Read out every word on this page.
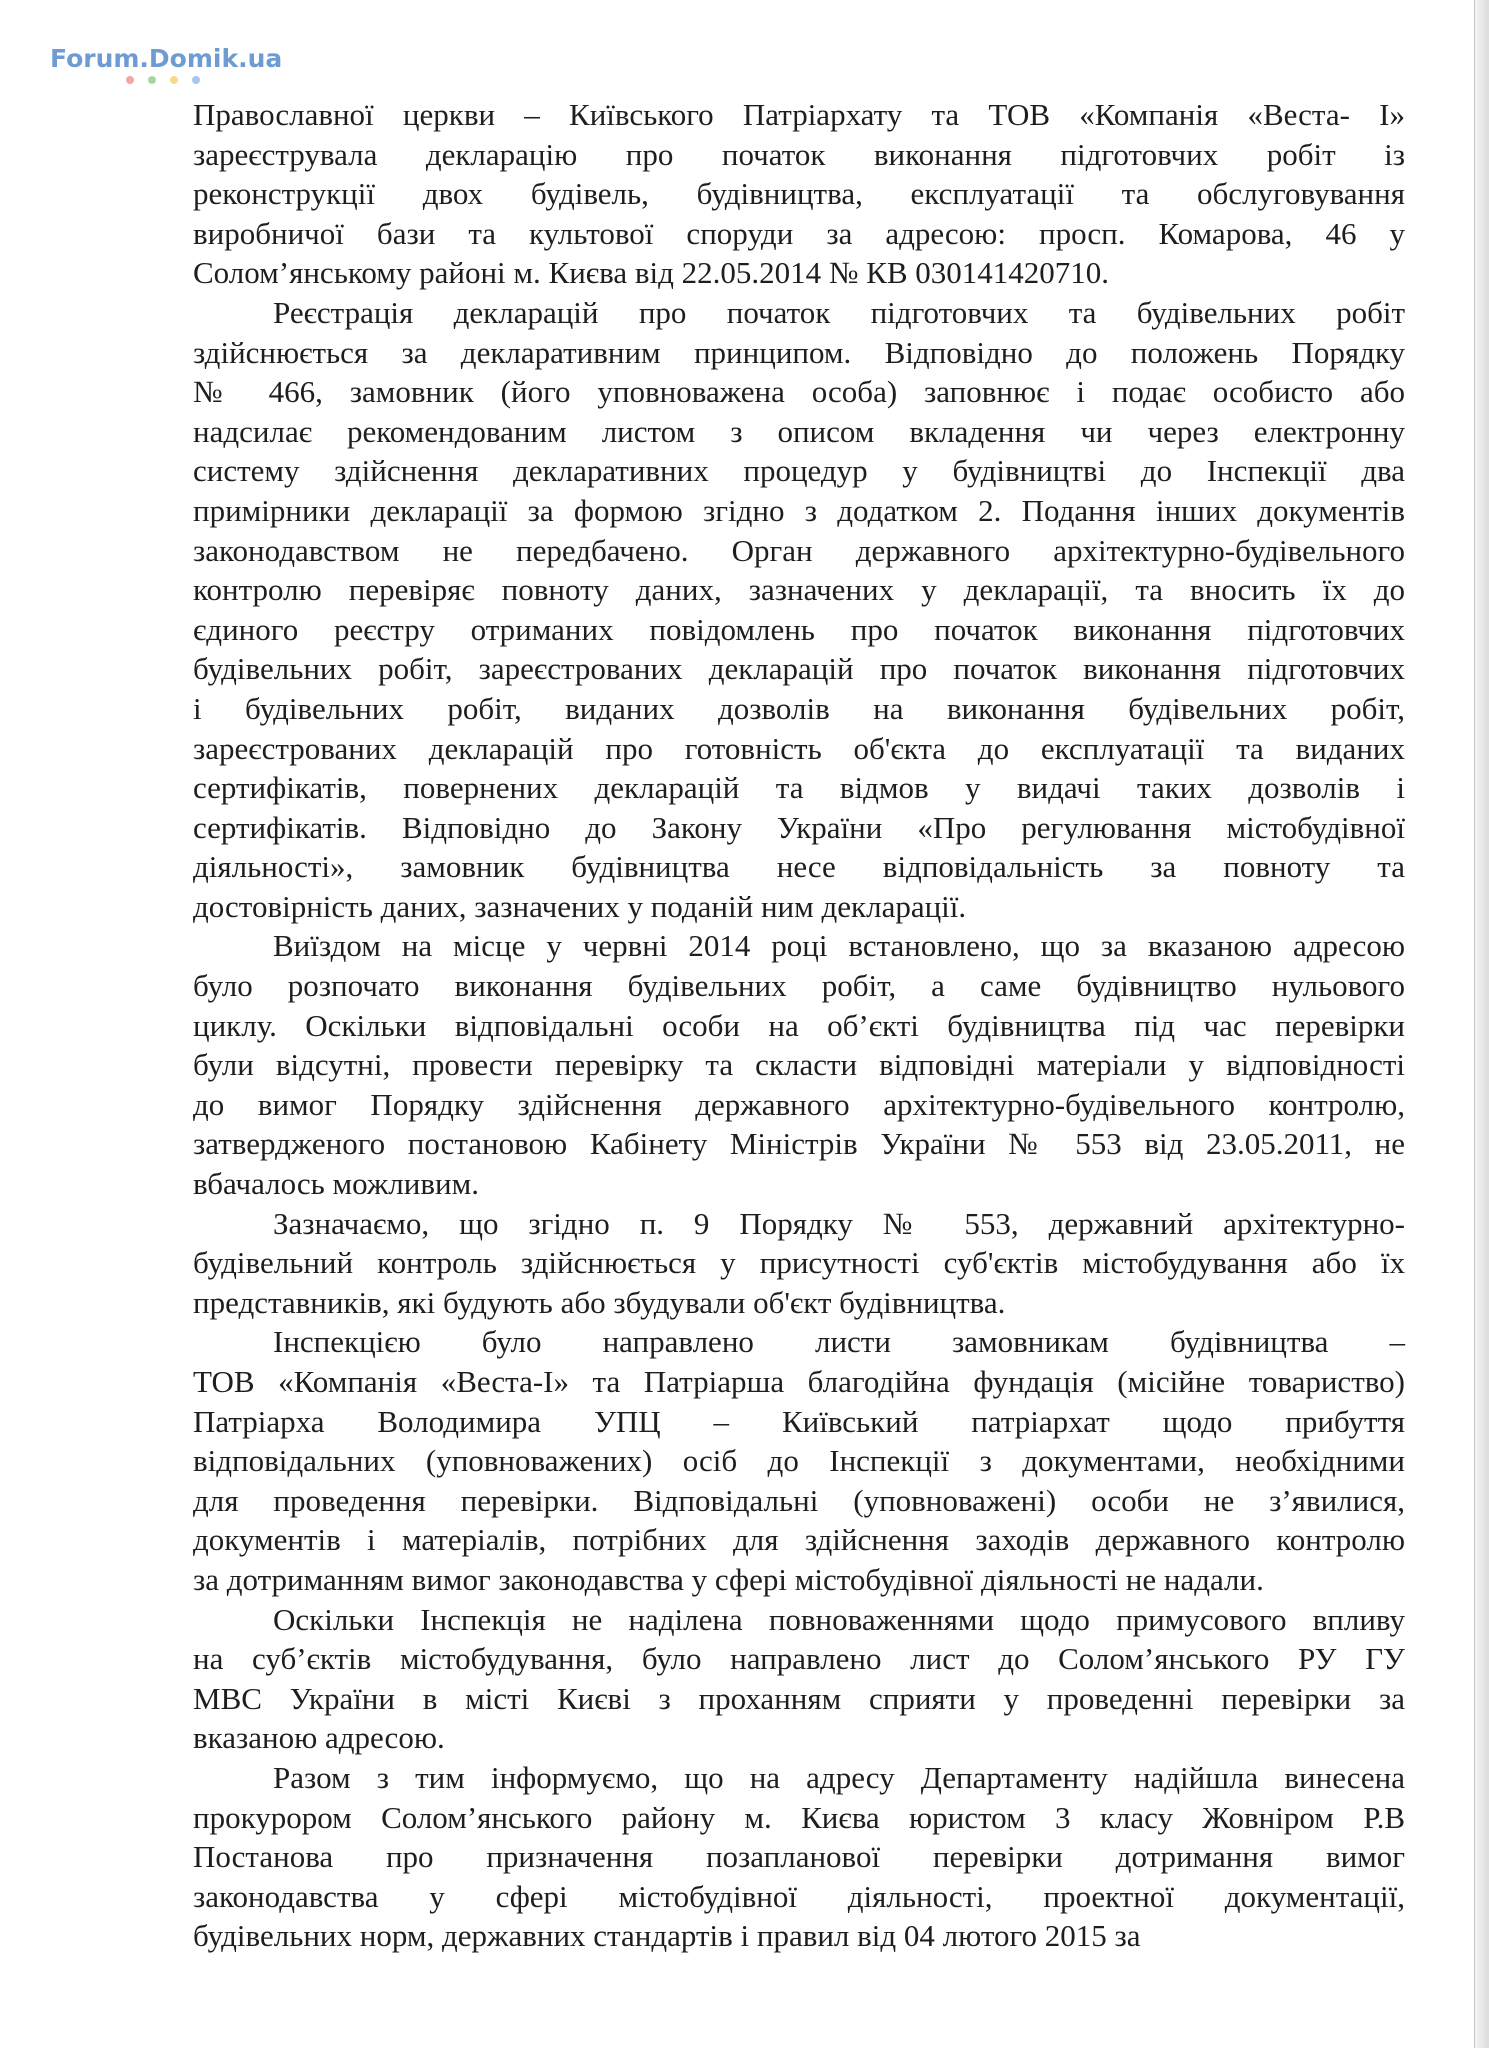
Forum.Domik.ua
Православної церкви – Київського Патріархату та ТОВ «Компанія «Веста- І»
зареєструвала декларацію про початок виконання підготовчих робіт із
реконструкції двох будівель, будівництва, експлуатації та обслуговування
виробничої бази та культової споруди за адресою: просп. Комарова, 46 у
Солом’янському районі м. Києва від 22.05.2014 № КВ 030141420710.
Реєстрація декларацій про початок підготовчих та будівельних робіт
здійснюється за декларативним принципом. Відповідно до положень Порядку
№ 466, замовник (його уповноважена особа) заповнює і подає особисто або
надсилає рекомендованим листом з описом вкладення чи через електронну
систему здійснення декларативних процедур у будівництві до Інспекції два
примірники декларації за формою згідно з додатком 2. Подання інших документів
законодавством не передбачено. Орган державного архітектурно-будівельного
контролю перевіряє повноту даних, зазначених у декларації, та вносить їх до
єдиного реєстру отриманих повідомлень про початок виконання підготовчих
будівельних робіт, зареєстрованих декларацій про початок виконання підготовчих
і будівельних робіт, виданих дозволів на виконання будівельних робіт,
зареєстрованих декларацій про готовність об'єкта до експлуатації та виданих
сертифікатів, повернених декларацій та відмов у видачі таких дозволів і
сертифікатів. Відповідно до Закону України «Про регулювання містобудівної
діяльності», замовник будівництва несе відповідальність за повноту та
достовірність даних, зазначених у поданій ним декларації.
Виїздом на місце у червні 2014 році встановлено, що за вказаною адресою
було розпочато виконання будівельних робіт, а саме будівництво нульового
циклу. Оскільки відповідальні особи на об’єкті будівництва під час перевірки
були відсутні, провести перевірку та скласти відповідні матеріали у відповідності
до вимог Порядку здійснення державного архітектурно-будівельного контролю,
затвердженого постановою Кабінету Міністрів України № 553 від 23.05.2011, не
вбачалось можливим.
Зазначаємо, що згідно п. 9 Порядку № 553, державний архітектурно-
будівельний контроль здійснюється у присутності суб'єктів містобудування або їх
представників, які будують або збудували об'єкт будівництва.
Інспекцією було направлено листи замовникам будівництва –
ТОВ «Компанія «Веста-І» та Патріарша благодійна фундація (місійне товариство)
Патріарха Володимира УПЦ – Київський патріархат щодо прибуття
відповідальних (уповноважених) осіб до Інспекції з документами, необхідними
для проведення перевірки. Відповідальні (уповноважені) особи не з’явилися,
документів і матеріалів, потрібних для здійснення заходів державного контролю
за дотриманням вимог законодавства у сфері містобудівної діяльності не надали.
Оскільки Інспекція не наділена повноваженнями щодо примусового впливу
на суб’єктів містобудування, було направлено лист до Солом’янського РУ ГУ
МВС України в місті Києві з проханням сприяти у проведенні перевірки за
вказаною адресою.
Разом з тим інформуємо, що на адресу Департаменту надійшла винесена
прокурором Солом’янського району м. Києва юристом 3 класу Жовніром Р.В
Постанова про призначення позапланової перевірки дотримання вимог
законодавства у сфері містобудівної діяльності, проектної документації,
будівельних норм, державних стандартів і правил від 04 лютого 2015 за
